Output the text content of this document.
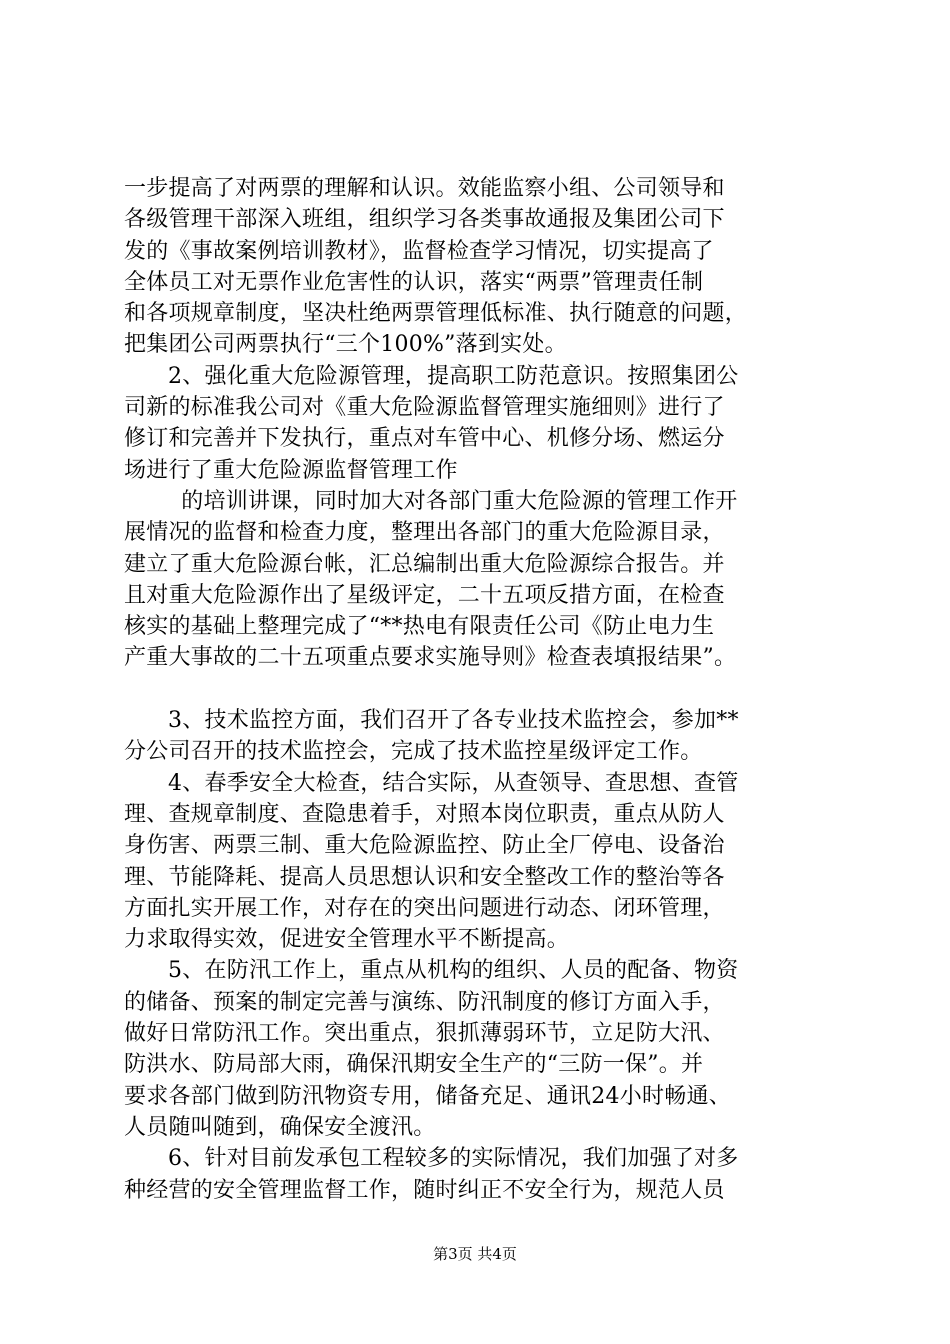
一步提高了对两票的理解和认识。效能监察小组、公司领导和
各级管理干部深入班组，组织学习各类事故通报及集团公司下
发的《事故案例培训教材》，监督检查学习情况，切实提高了
全体员工对无票作业危害性的认识，落实“两票”管理责任制
和各项规章制度，坚决杜绝两票管理低标准、执行随意的问题，
把集团公司两票执行“三个100%”落到实处。
2、强化重大危险源管理，提高职工防范意识。按照集团公
司新的标准我公司对《重大危险源监督管理实施细则》进行了
修订和完善并下发执行，重点对车管中心、机修分场、燃运分
场进行了重大危险源监督管理工作
的培训讲课，同时加大对各部门重大危险源的管理工作开
展情况的监督和检查力度，整理出各部门的重大危险源目录，
建立了重大危险源台帐，汇总编制出重大危险源综合报告。并
且对重大危险源作出了星级评定，二十五项反措方面，在检查
核实的基础上整理完成了“**热电有限责任公司《防止电力生
产重大事故的二十五项重点要求实施导则》检查表填报结果”。
3、技术监控方面，我们召开了各专业技术监控会，参加**
分公司召开的技术监控会，完成了技术监控星级评定工作。
4、春季安全大检查，结合实际，从查领导、查思想、查管
理、查规章制度、查隐患着手，对照本岗位职责，重点从防人
身伤害、两票三制、重大危险源监控、防止全厂停电、设备治
理、节能降耗、提高人员思想认识和安全整改工作的整治等各
方面扎实开展工作，对存在的突出问题进行动态、闭环管理，
力求取得实效，促进安全管理水平不断提高。
5、在防汛工作上，重点从机构的组织、人员的配备、物资
的储备、预案的制定完善与演练、防汛制度的修订方面入手，
做好日常防汛工作。突出重点，狠抓薄弱环节，立足防大汛、
防洪水、防局部大雨，确保汛期安全生产的“三防一保”。并
要求各部门做到防汛物资专用，储备充足、通讯24小时畅通、
人员随叫随到，确保安全渡汛。
6、针对目前发承包工程较多的实际情况，我们加强了对多
种经营的安全管理监督工作，随时纠正不安全行为，规范人员
第3页 共4页
